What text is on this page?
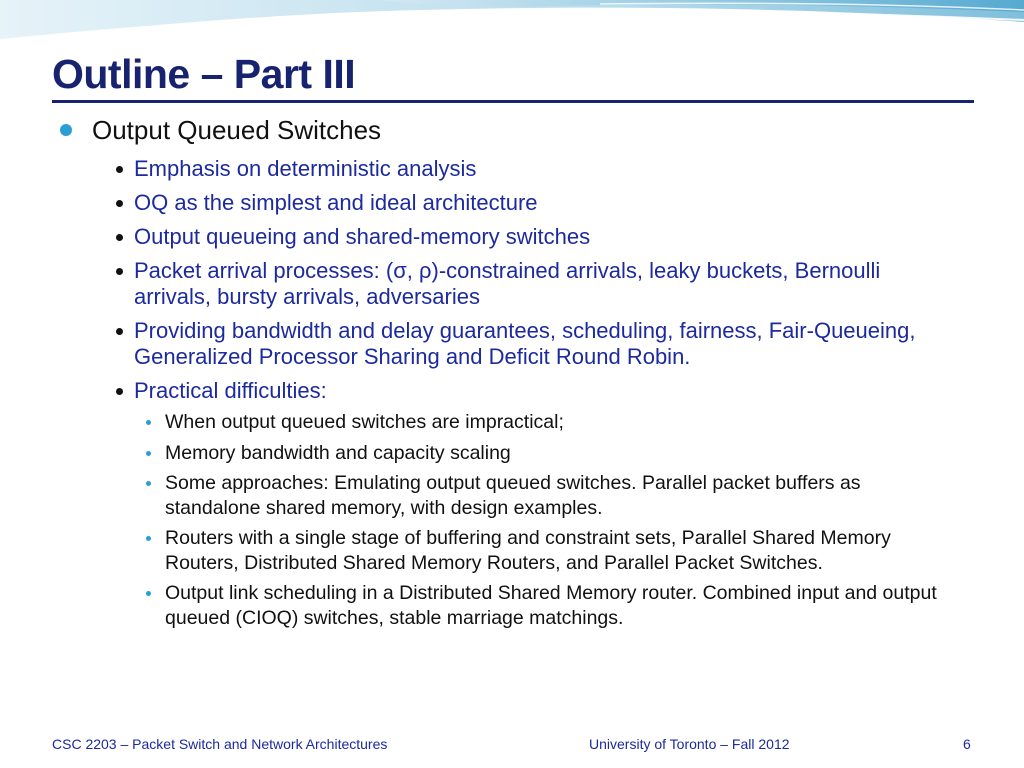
Outline – Part III
Output Queued Switches
Emphasis on deterministic analysis
OQ as the simplest and ideal architecture
Output queueing and shared-memory switches
Packet arrival processes: (σ, ρ)-constrained arrivals, leaky buckets, Bernoulli arrivals, bursty arrivals, adversaries
Providing bandwidth and delay guarantees, scheduling, fairness, Fair-Queueing, Generalized Processor Sharing and Deficit Round Robin.
Practical difficulties:
When output queued switches are impractical;
Memory bandwidth and capacity scaling
Some approaches: Emulating output queued switches. Parallel packet buffers as standalone shared memory, with design examples.
Routers with a single stage of buffering and constraint sets, Parallel Shared Memory Routers, Distributed Shared Memory Routers, and Parallel Packet Switches.
Output link scheduling in a Distributed Shared Memory router. Combined input and output queued (CIOQ) switches, stable marriage matchings.
CSC 2203 – Packet Switch and Network Architectures	University of Toronto – Fall 2012	6
